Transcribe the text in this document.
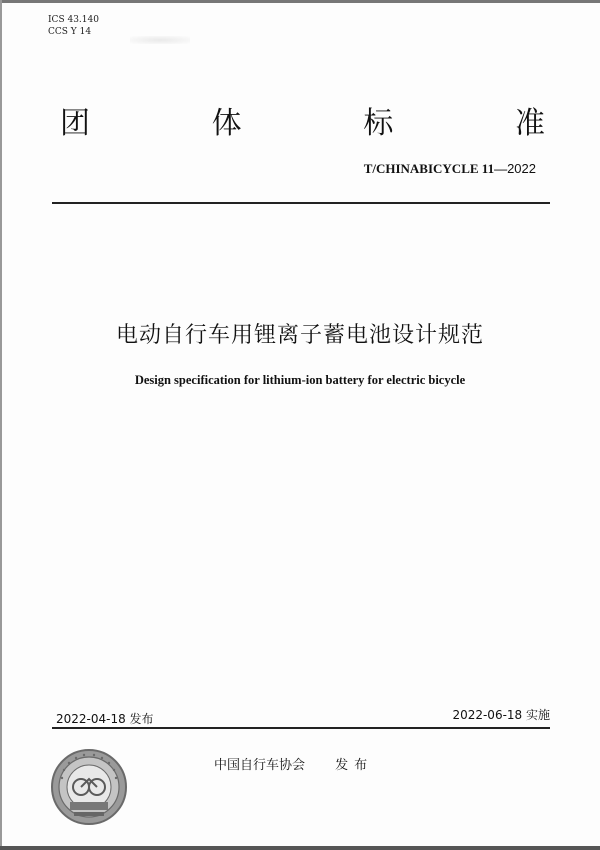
ICS 43.140
CCS Y 14
团	体	标	准
T/CHINABICYCLE 11—2022
电动自行车用锂离子蓄电池设计规范
Design specification for lithium-ion battery for electric bicycle
2022-04-18 发布	2022-06-18 实施
中国自行车协会 发布
